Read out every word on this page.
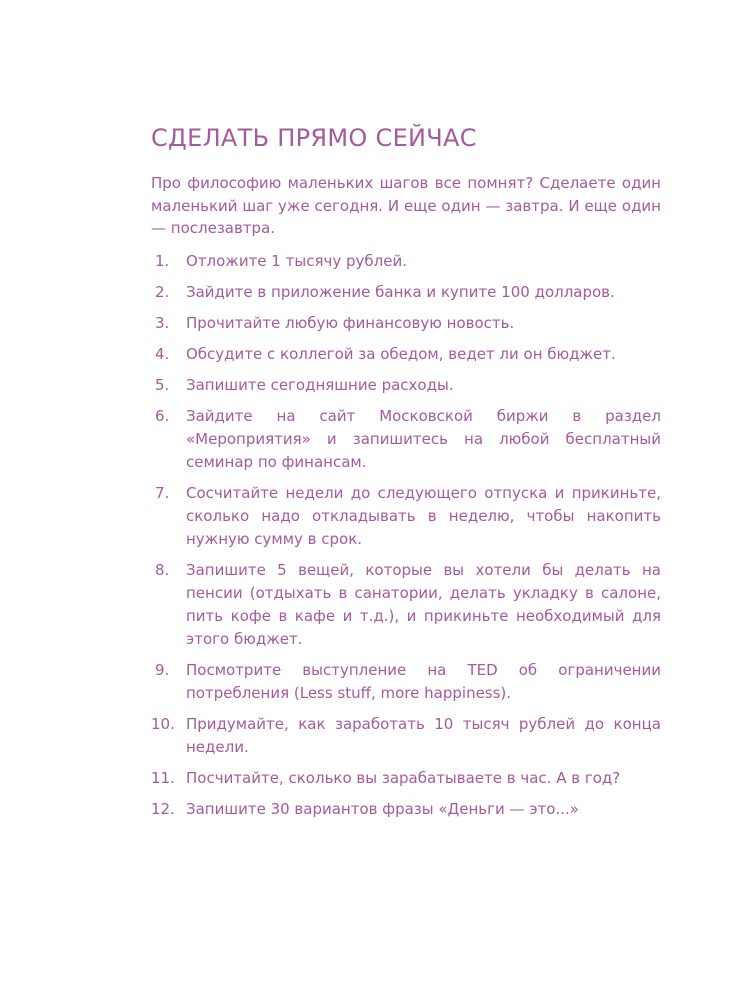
СДЕЛАТЬ ПРЯМО СЕЙЧАС

Про философию маленьких шагов все помнят? Сделаете один маленький шаг уже сегодня. И еще один — завтра. И еще один — послезавтра.

1.	Отложите 1 тысячу рублей.
2.	Зайдите в приложение банка и купите 100 долларов.
3.	Прочитайте любую финансовую новость.
4.	Обсудите с коллегой за обедом, ведет ли он бюджет.
5.	Запишите сегодняшние расходы.
6.	Зайдите на сайт Московской биржи в раздел «Мероприятия» и запишитесь на любой бесплатный семинар по финансам.
7.	Сосчитайте недели до следующего отпуска и прикиньте, сколько надо откладывать в неделю, чтобы накопить нужную сумму в срок.
8.	Запишите 5 вещей, которые вы хотели бы делать на пенсии (отдыхать в санатории, делать укладку в салоне, пить кофе в кафе и т.д.), и прикиньте необходимый для этого бюджет.
9.	Посмотрите выступление на TED об ограничении потребления (Less stuff, more happiness).
10. Придумайте, как заработать 10 тысяч рублей до конца недели.
11. Посчитайте, сколько вы зарабатываете в час. А в год?
12. Запишите 30 вариантов фразы «Деньги — это...»
